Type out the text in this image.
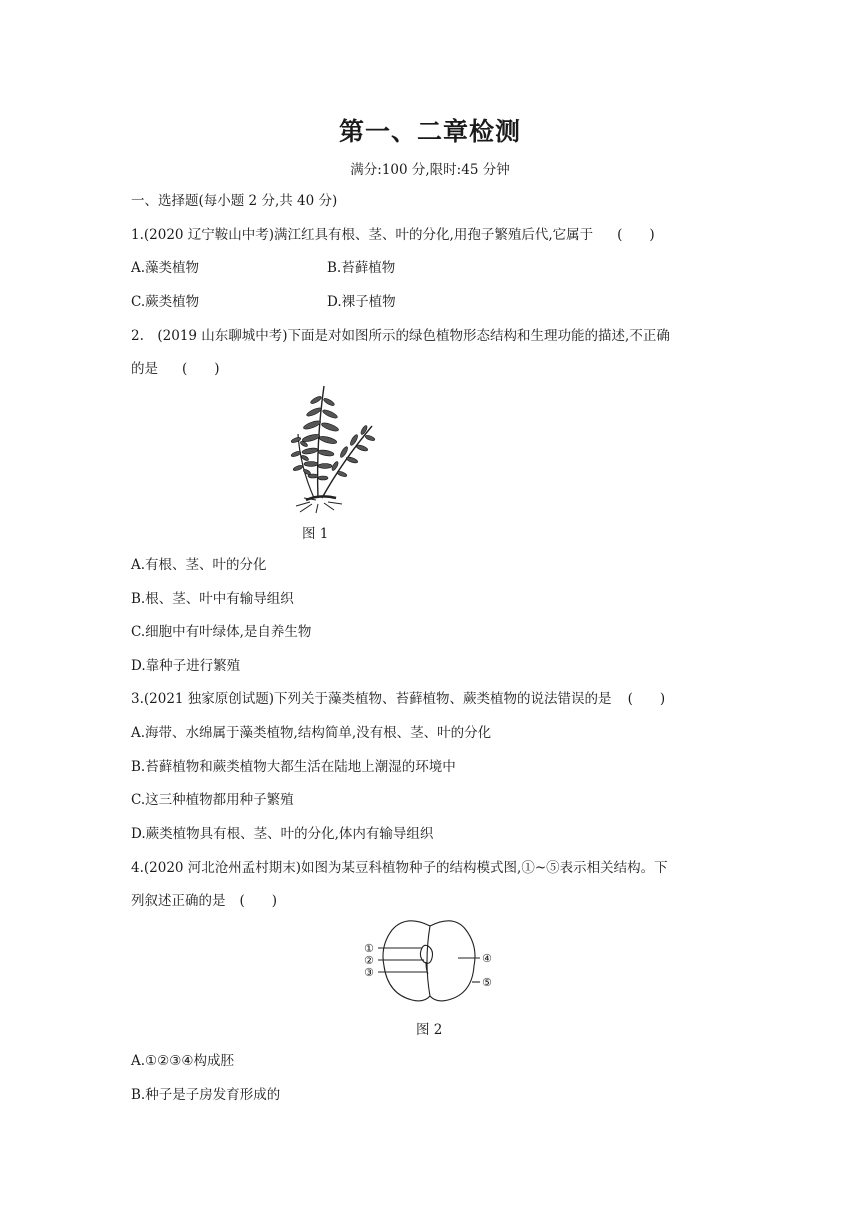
第一、二章检测
满分:100 分,限时:45 分钟
一、选择题(每小题 2 分,共 40 分)
1.(2020 辽宁鞍山中考)满江红具有根、茎、叶的分化,用孢子繁殖后代,它属于 (　　)
A.藻类植物	B.苔藓植物
C.蕨类植物	D.裸子植物
2.　(2019 山东聊城中考)下面是对如图所示的绿色植物形态结构和生理功能的描述,不正确
的是 (　　)
图 1
A.有根、茎、叶的分化
B.根、茎、叶中有输导组织
C.细胞中有叶绿体,是自养生物
D.靠种子进行繁殖
3.(2021 独家原创试题)下列关于藻类植物、苔藓植物、蕨类植物的说法错误的是 (　　)
A.海带、水绵属于藻类植物,结构简单,没有根、茎、叶的分化
B.苔藓植物和蕨类植物大都生活在陆地上潮湿的环境中
C.这三种植物都用种子繁殖
D.蕨类植物具有根、茎、叶的分化,体内有输导组织
4.(2020 河北沧州孟村期末)如图为某豆科植物种子的结构模式图,①~⑤表示相关结构。下
列叙述正确的是 (　　)
①
②
③
④
⑤
图 2
A.①②③④构成胚
B.种子是子房发育形成的
